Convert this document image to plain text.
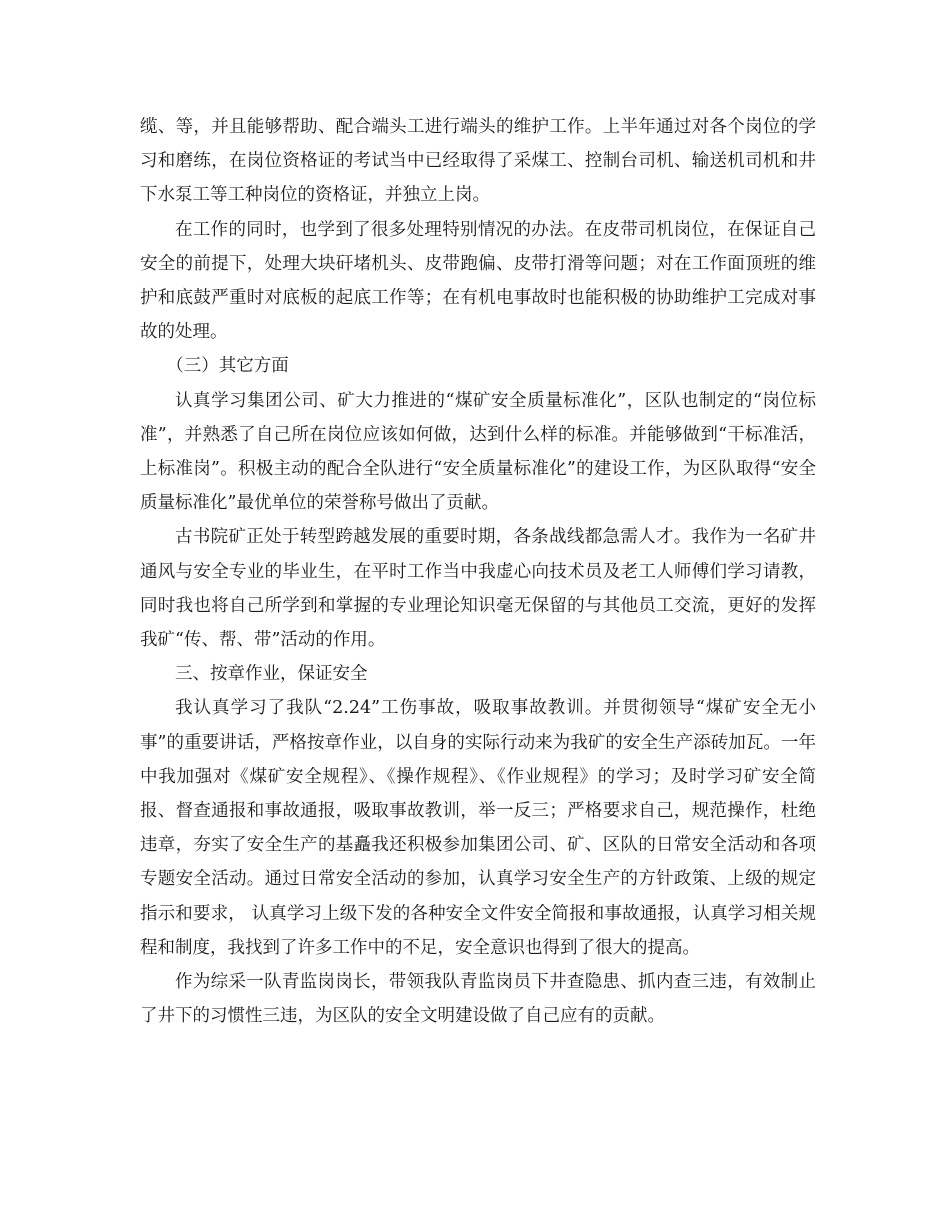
缆、等，并且能够帮助、配合端头工进行端头的维护工作。上半年通过对各个岗位的学习和磨练，在岗位资格证的考试当中已经取得了采煤工、控制台司机、输送机司机和井下水泵工等工种岗位的资格证，并独立上岗。

在工作的同时，也学到了很多处理特别情况的办法。在皮带司机岗位，在保证自己安全的前提下，处理大块矸堵机头、皮带跑偏、皮带打滑等问题；对在工作面顶班的维护和底鼓严重时对底板的起底工作等；在有机电事故时也能积极的协助维护工完成对事故的处理。

（三）其它方面

认真学习集团公司、矿大力推进的“煤矿安全质量标准化”，区队也制定的“岗位标准”，并熟悉了自己所在岗位应该如何做，达到什么样的标准。并能够做到“干标准活，上标准岗”。积极主动的配合全队进行“安全质量标准化”的建设工作，为区队取得“安全质量标准化”最优单位的荣誉称号做出了贡献。

古书院矿正处于转型跨越发展的重要时期，各条战线都急需人才。我作为一名矿井通风与安全专业的毕业生，在平时工作当中我虚心向技术员及老工人师傅们学习请教，同时我也将自己所学到和掌握的专业理论知识毫无保留的与其他员工交流，更好的发挥我矿“传、帮、带”活动的作用。

三、按章作业，保证安全

我认真学习了我队“2.24”工伤事故，吸取事故教训。并贯彻领导“煤矿安全无小事”的重要讲话，严格按章作业，以自身的实际行动来为我矿的安全生产添砖加瓦。一年中我加强对《煤矿安全规程》、《操作规程》、《作业规程》的学习；及时学习矿安全简报、督查通报和事故通报，吸取事故教训，举一反三；严格要求自己，规范操作，杜绝违章，夯实了安全生产的基矗我还积极参加集团公司、矿、区队的日常安全活动和各项专题安全活动。通过日常安全活动的参加，认真学习安全生产的方针政策、上级的规定指示和要求， 认真学习上级下发的各种安全文件安全简报和事故通报，认真学习相关规程和制度，我找到了许多工作中的不足，安全意识也得到了很大的提高。

作为综采一队青监岗岗长，带领我队青监岗员下井查隐患、抓内查三违，有效制止了井下的习惯性三违，为区队的安全文明建设做了自己应有的贡献。
